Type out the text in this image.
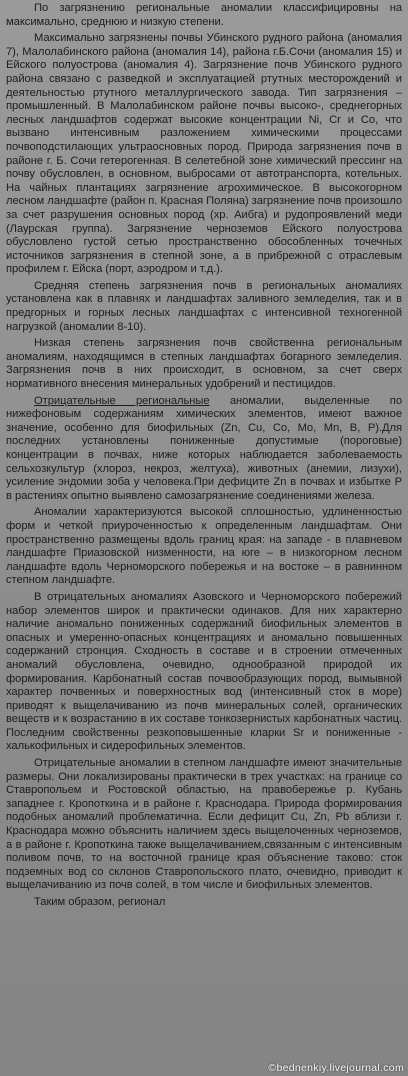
По загрязнению региональные аномалии классифицировны на максимально, среднюю и низкую степени.

Максимально загрязнены почвы Убинского рудного района (аномалия 7), Малолабинского района (аномалия 14), района г.Б.Сочи (аномалия 15) и Ейского полуострова (аномалия 4). Загрязнение почв Убинского рудного района связано с разведкой и эксплуатацией ртутных месторождений и деятельностью ртутного металлургического завода. Тип загрязнения – промышленный. В Малолабинском районе почвы высоко-, среднегорных лесных ландшафтов содержат высокие концентрации Ni, Cr и Co, что вызвано интенсивным разложением химическими процессами почвоподстилающих ультраосновных пород. Природа загрязнения почв в районе г. Б. Сочи гетерогенная. В селетебной зоне химический прессинг на почву обусловлен, в основном, выбросами от автотранспорта, котельных. На чайных плантациях загрязнение агрохимическое. В высокогорном лесном ландшафте (район п. Красная Поляна) загрязнение почв произошло за счет разрушения основных пород (хр. Аибга) и рудопроявлений меди (Лаурская группа). Загрязнение черноземов Ейского полуострова обусловлено густой сетью пространственно обособленных точечных источников загрязнения в степной зоне, а в прибрежной с отраслевым профилем г. Ейска (порт, аэродром и т.д.).

Средняя степень загрязнения почв в региональных аномалиях установлена как в плавнях и ландшафтах заливного земледелия, так и в предгорных и горных лесных ландшафтах с интенсивной техногенной нагрузкой (аномалии 8-10).

Низкая степень загрязнения почв свойственна региональным аномалиям, находящимся в степных ландшафтах богарного земледелия. Загрязнения почв в них происходит, в основном, за счет сверх нормативного внесения минеральных удобрений и пестицидов.

Отрицательные региональные аномалии, выделенные по нижефоновым содержаниям химических элементов, имеют важное значение, особенно для биофильных (Zn, Cu, Co, Mo, Mn, B, P).Для последних установлены пониженные допустимые (пороговые) концентрации в почвах, ниже которых наблюдается заболеваемость сельхозкультур (хлороз, некроз, желтуха), животных (анемии, лизухи), усиление эндомии зоба у человека.При дефиците Zn в почвах и избытке P в растениях опытно выявлено самозагрязнение соединениями железа.

Аномалии характеризуются высокой сплошностью, удлиненностью форм и четкой приуроченностью к определенным ландшафтам. Они пространственно размещены вдоль границ края: на западе - в плавневом ландшафте Приазовской низменности, на юге – в низкогорном лесном ландшафте вдоль Черноморского побережья и на востоке – в равнинном степном ландшафте.

В отрицательных аномалиях Азовского и Черноморского побережий набор элементов широк и практически одинаков. Для них характерно наличие аномально пониженных содержаний биофильных элементов в опасных и умеренно-опасных концентрациях и аномально повышенных содержаний стронция. Сходность в составе и в строении отмеченных аномалий обусловлена, очевидно, однообразной природой их формирования. Карбонатный состав почвообразующих пород, вымывной характер почвенных и поверхностных вод (интенсивный сток в море) приводят к выщелачиванию из почв минеральных солей, органических веществ и к возрастанию в их составе тонкозернистых карбонатных частиц. Последним свойственны резкоповышенные кларки Sr и пониженные - халькофильных и сидерофильных элементов.

Отрицательные аномалии в степном ландшафте имеют значительные размеры. Они локализированы практически в трех участках: на границе со Ставропольем и Ростовской областью, на правобережье р. Кубань западнее г. Кропоткина и в районе г. Краснодара. Природа формирования подобных аномалий проблематична. Если дефицит Cu, Zn, Pb вблизи г. Краснодара можно объяснить наличием здесь выщелоченных черноземов, а в районе г. Кропоткина также выщелачиванием,связанным с интенсивным поливом почв, то на восточной границе края объяснение таково: сток подземных вод со склонов Ставропольского плато, очевидно, приводит к выщелачиванию из почв солей, в том числе и биофильных элементов.

Таким образом, регионал

©bednenkiy.livejournal.com
